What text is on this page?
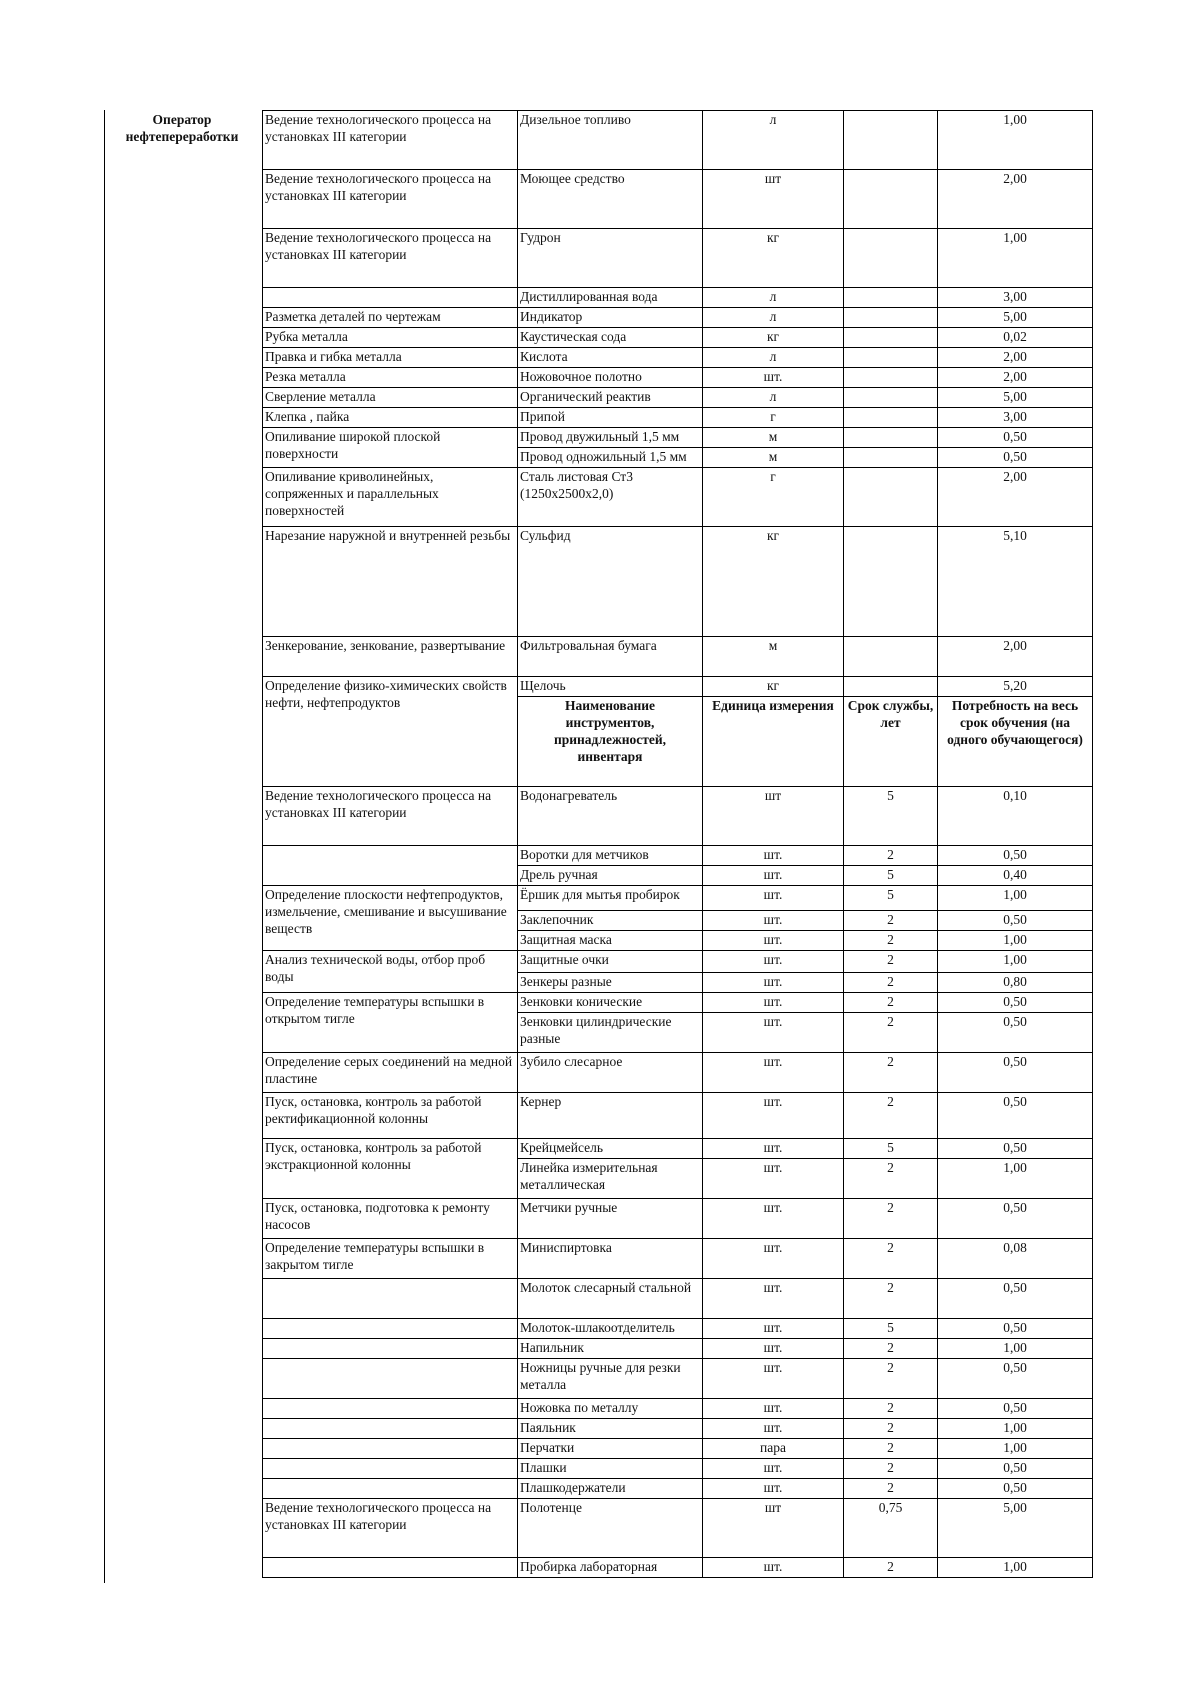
Оператор нефтепереработки
Ведение технологического процесса на установках III категории	Дизельное топливо	л		1,00
Ведение технологического процесса на установках III категории	Моющее средство	шт		2,00
Ведение технологического процесса на установках III категории	Гудрон	кг		1,00
	Дистиллированная вода	л		3,00
Разметка деталей по чертежам	Индикатор	л		5,00
Рубка металла	Каустическая сода	кг		0,02
Правка и гибка металла	Кислота	л		2,00
Резка металла	Ножовочное полотно	шт.		2,00
Сверление металла	Органический реактив	л		5,00
Клепка , пайка	Припой	г		3,00
Опиливание широкой плоской поверхности	Провод двужильный 1,5 мм	м		0,50
	Провод одножильный 1,5 мм	м		0,50
Опиливание криволинейных, сопряженных и параллельных поверхностей	Сталь листовая Ст3 (1250х2500х2,0)	г		2,00
Нарезание наружной и внутренней резьбы	Сульфид	кг		5,10
Зенкерование, зенкование, развертывание	Фильтровальная бумага	м		2,00
Определение физико-химических свойств нефти, нефтепродуктов	Щелочь	кг		5,20
	Наименование инструментов, принадлежностей, инвентаря	Единица измерения	Срок службы, лет	Потребность на весь срок обучения (на одного обучающегося)
Ведение технологического процесса на установках III категории	Водонагреватель	шт	5	0,10
	Воротки для метчиков	шт.	2	0,50
	Дрель ручная	шт.	5	0,40
Определение плоскости нефтепродуктов, измельчение, смешивание и высушивание веществ	Ёршик для мытья пробирок	шт.	5	1,00
	Заклепочник	шт.	2	0,50
	Защитная маска	шт.	2	1,00
Анализ технической воды, отбор проб воды	Защитные очки	шт.	2	1,00
	Зенкеры разные	шт.	2	0,80
Определение температуры вспышки в открытом тигле	Зенковки конические	шт.	2	0,50
	Зенковки цилиндрические разные	шт.	2	0,50
Определение серых соединений на медной пластине	Зубило слесарное	шт.	2	0,50
Пуск, остановка, контроль за работой ректификационной колонны	Кернер	шт.	2	0,50
Пуск, остановка, контроль за работой экстракционной колонны	Крейцмейсель	шт.	5	0,50
	Линейка измерительная металлическая	шт.	2	1,00
Пуск, остановка, подготовка к ремонту насосов	Метчики ручные	шт.	2	0,50
Определение температуры вспышки в закрытом тигле	Миниспиртовка	шт.	2	0,08
	Молоток слесарный стальной	шт.	2	0,50
	Молоток-шлакоотделитель	шт.	5	0,50
	Напильник	шт.	2	1,00
	Ножницы ручные для резки металла	шт.	2	0,50
	Ножовка по металлу	шт.	2	0,50
	Паяльник	шт.	2	1,00
	Перчатки	пара	2	1,00
	Плашки	шт.	2	0,50
	Плашкодержатели	шт.	2	0,50
Ведение технологического процесса на установках III категории	Полотенце	шт	0,75	5,00
	Пробирка лабораторная	шт.	2	1,00
